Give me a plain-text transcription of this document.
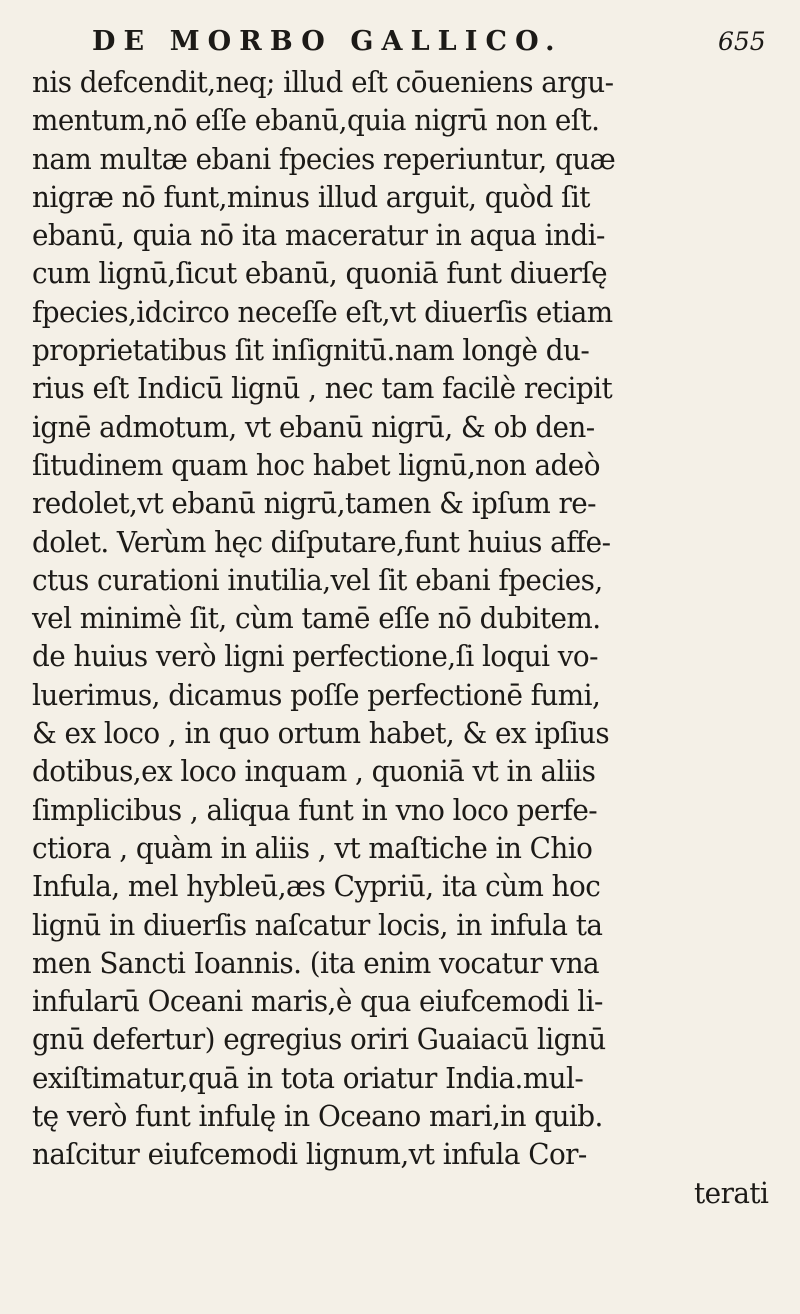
DE MORBO GALLICO.	655
nis defcendit,neq; illud eſt cōueniens argu-
mentum,nō eſſe ebanū,quia nigrū non eſt.
nam multæ ebani fpecies reperiuntur, quæ
nigræ nō funt,minus illud arguit, quòd ſit
ebanū, quia nō ita maceratur in aqua indi-
cum lignū,ſicut ebanū, quoniā funt diuerſę
fpecies,idcirco neceſſe eſt,vt diuerſis etiam
proprietatibus ſit inſignitū.nam longè du-
rius eſt Indicū lignū , nec tam facilè recipit
ignē admotum, vt ebanū nigrū, & ob den-
ſitudinem quam hoc habet lignū,non adeò
redolet,vt ebanū nigrū,tamen & ipſum re-
dolet. Verùm hęc diſputare,funt huius affe-
ctus curationi inutilia,vel ſit ebani fpecies,
vel minimè ſit, cùm tamē eſſe nō dubitem.
de huius verò ligni perfectione,ſi loqui vo-
luerimus, dicamus poſſe perfectionē fumi,
& ex loco , in quo ortum habet, & ex ipſius
dotibus,ex loco inquam , quoniā vt in aliis
ſimplicibus , aliqua funt in vno loco perfe-
ctiora , quàm in aliis , vt maſtiche in Chio
Infula, mel hybleū,æs Cypriū, ita cùm hoc
lignū in diuerſis naſcatur locis, in infula ta
men Sancti Ioannis. (ita enim vocatur vna
infularū Oceani maris,è qua eiufcemodi li-
gnū defertur) egregius oriri Guaiacū lignū
exiſtimatur,quā in tota oriatur India.mul-
tę verò funt infulę in Oceano mari,in quib.
naſcitur eiufcemodi lignum,vt infula Cor-
terati
